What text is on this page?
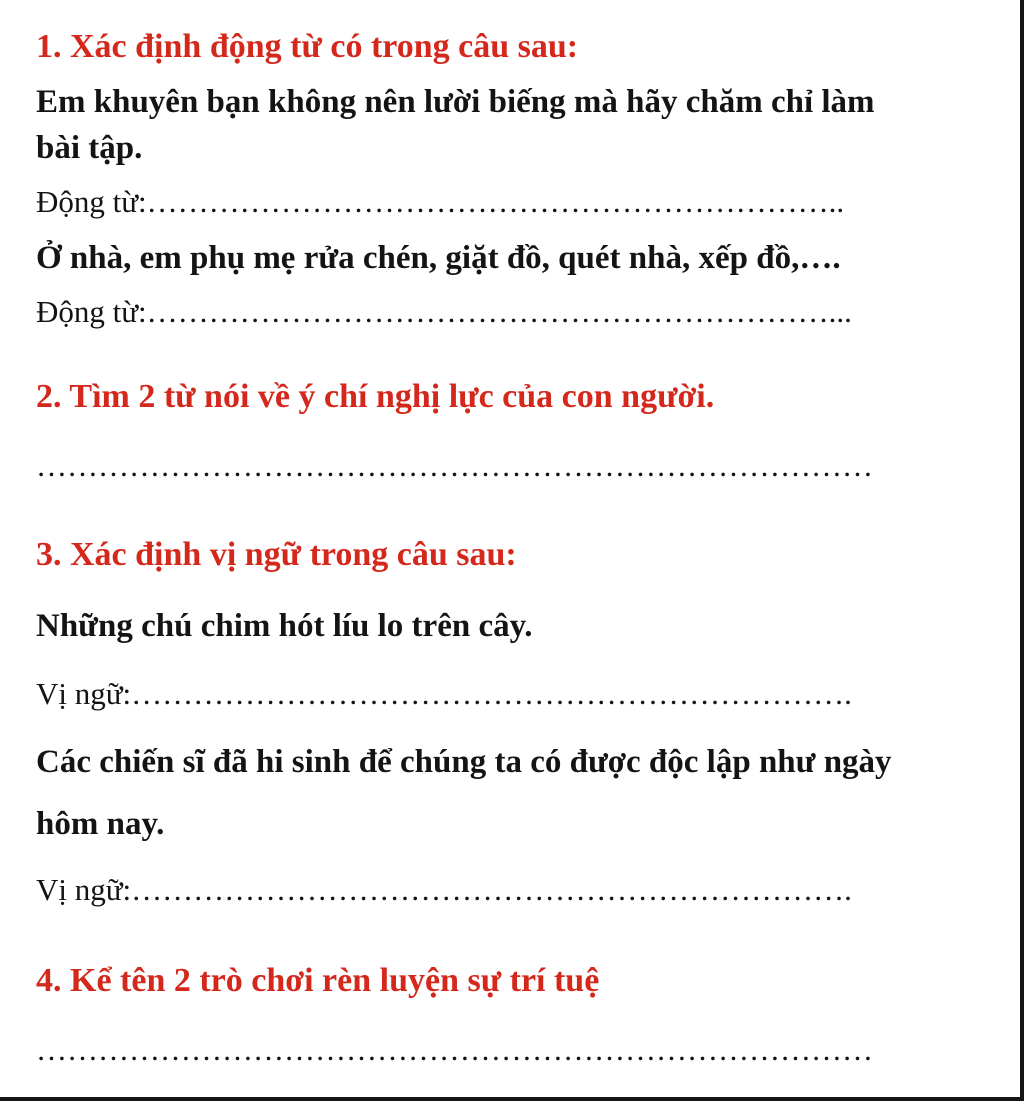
1. Xác định động từ có trong câu sau:
Em khuyên bạn không nên lười biếng mà hãy chăm chỉ làm
bài tập.
Động từ:…………………………………………………………..
Ở nhà, em phụ mẹ rửa chén, giặt đồ, quét nhà, xếp đồ,….
Động từ:…………………………………………………………...
2. Tìm 2 từ nói về ý chí nghị lực của con người.
………………………………………………………………………
3. Xác định vị ngữ trong câu sau:
Những chú chim hót líu lo trên cây.
Vị ngữ:…………………………………………………………….
Các chiến sĩ đã hi sinh để chúng ta có được độc lập như ngày
hôm nay.
Vị ngữ:…………………………………………………………….
4. Kể tên 2 trò chơi rèn luyện sự trí tuệ
………………………………………………………………………
